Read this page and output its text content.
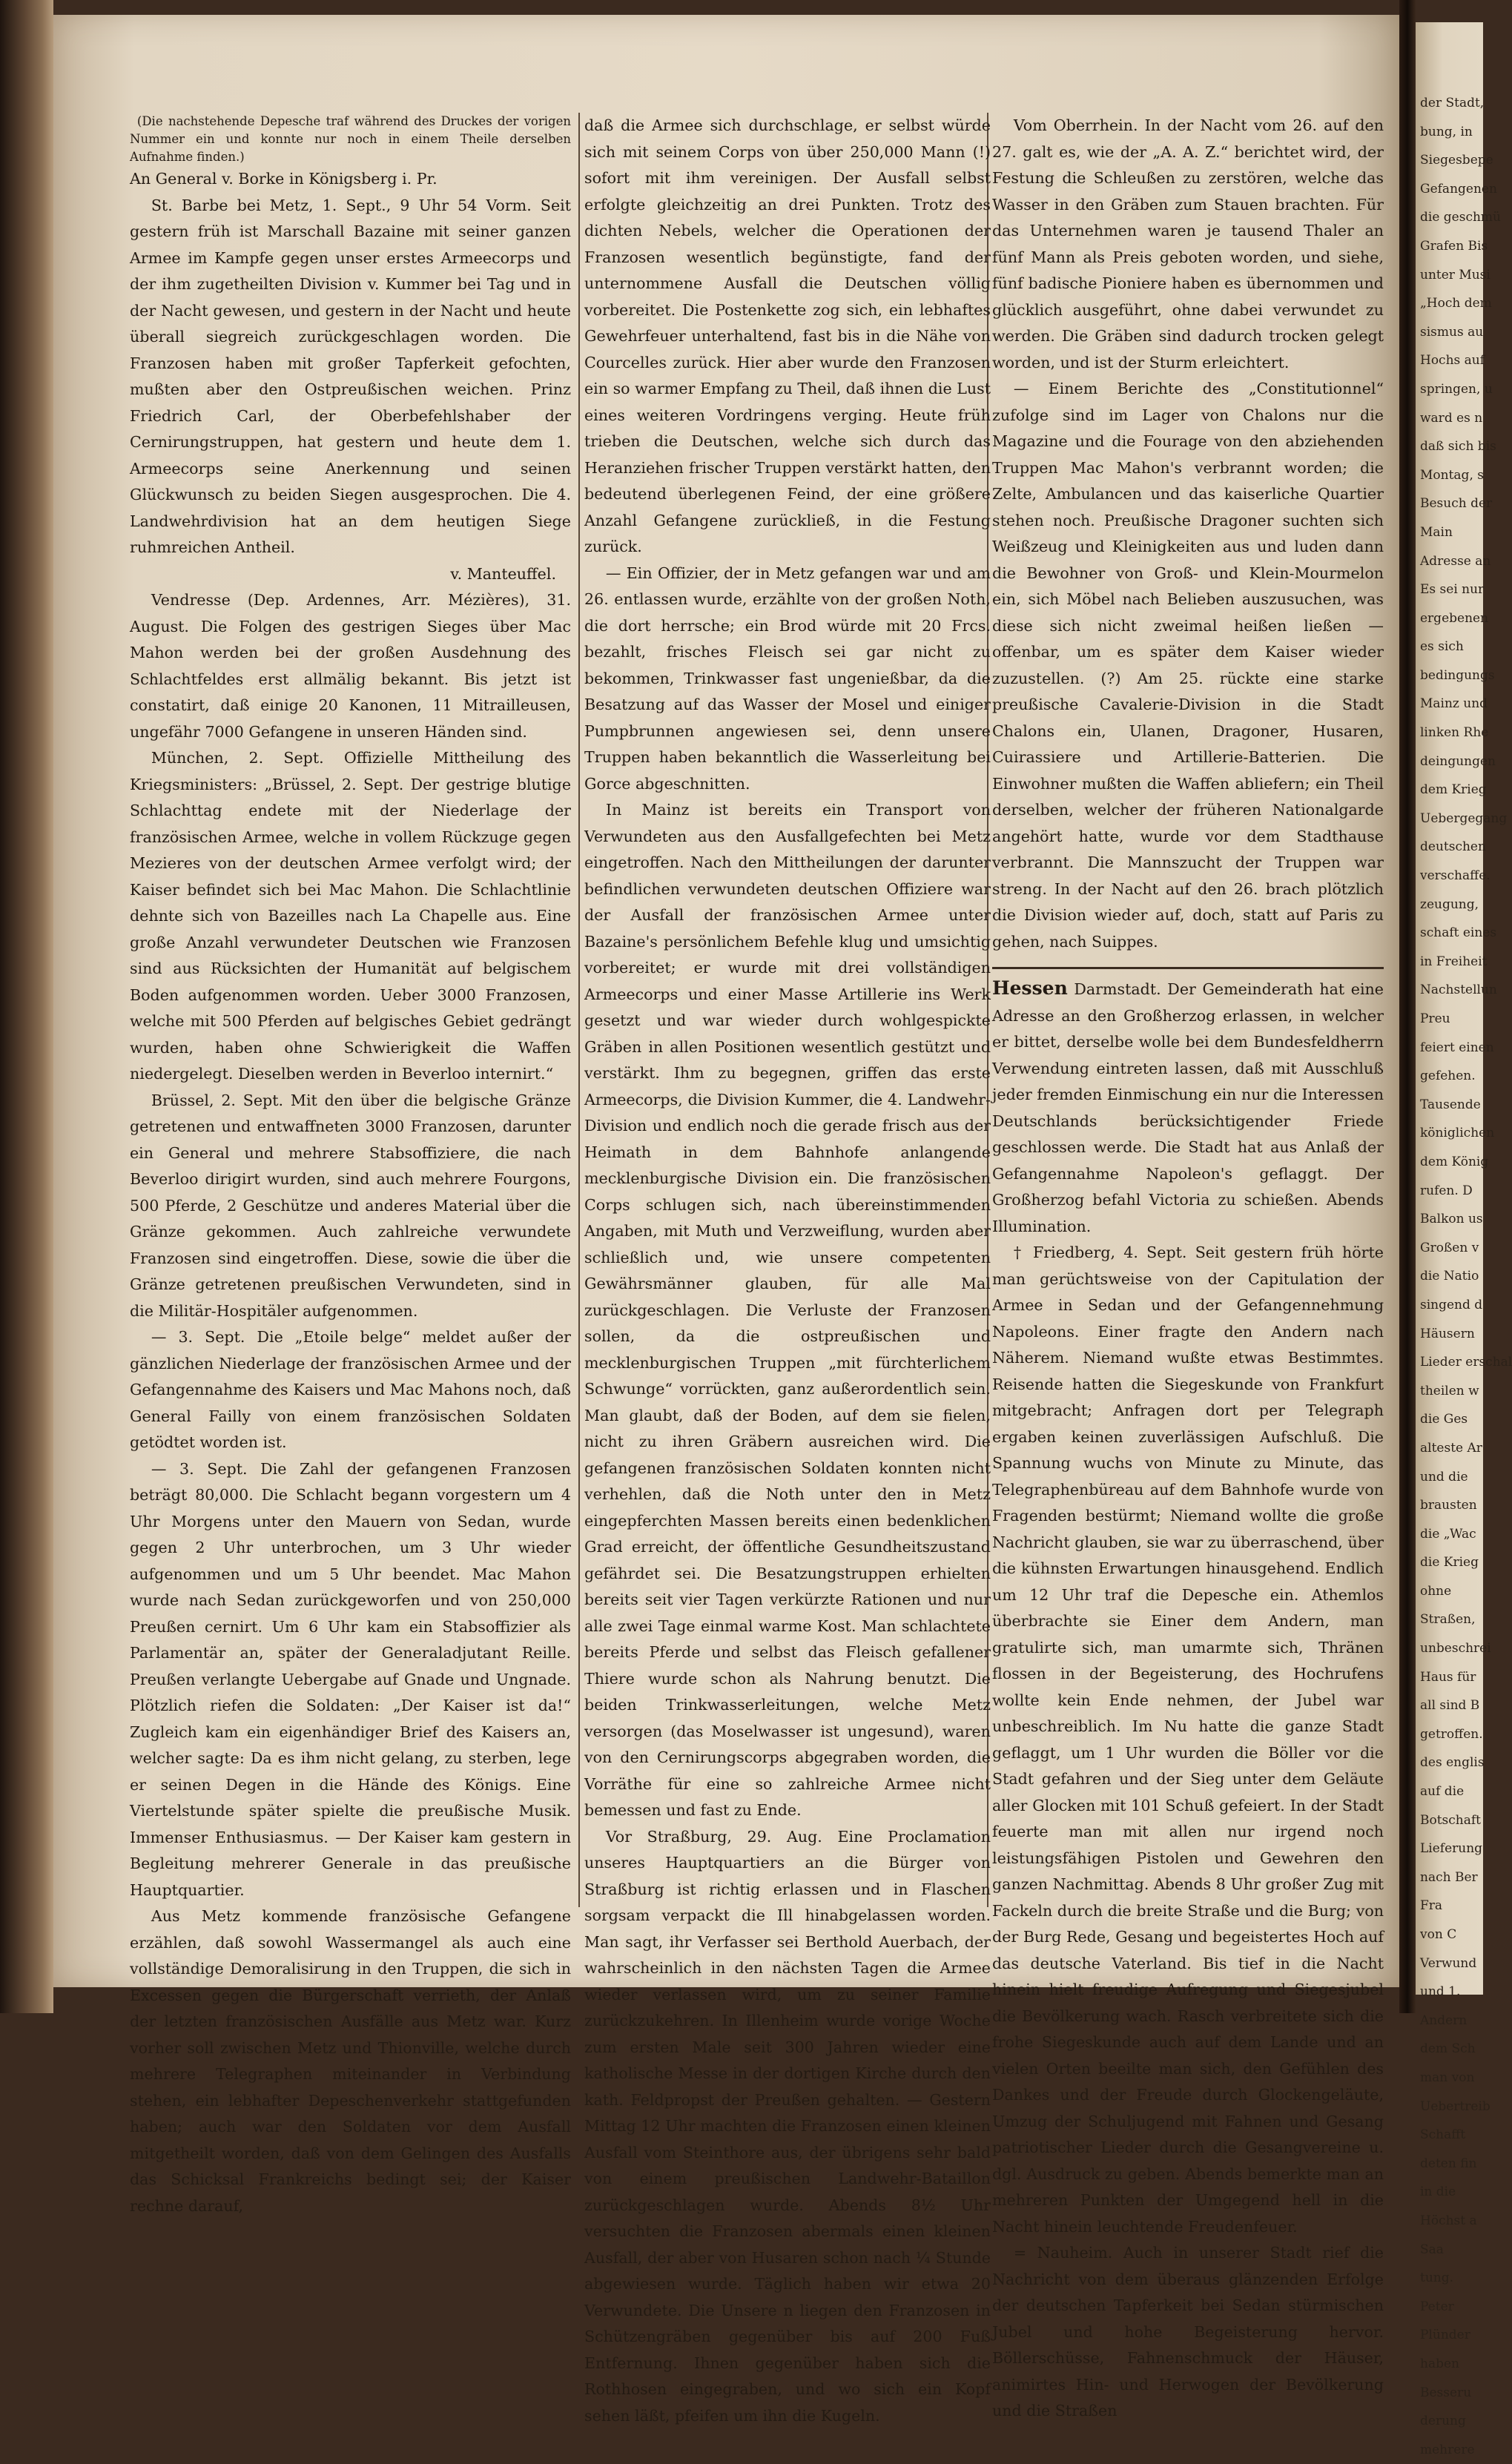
der Stadt,
bung, in
Siegesbepe
Gefangenen
die geschmü
Grafen Bis
unter Musi
„Hoch dem
sismus au
Hochs auf
springen, u
ward es n
daß sich bis
Montag, s
Besuch der
Main
Adresse an
Es sei nur
ergebenen
es sich
bedingungs
Mainz und
linken Rhe
deingungen
dem Krieg
Uebergegang
deutschen
verschaffe.
zeugung,
schaft eines
in Freiheit
Nachstellun
Preu
feiert einen
gefehen.
Tausende
königlichen
dem König
rufen. D
Balkon us
Großen v
die Natio
singend d
Häusern
Lieder erschal
theilen w
die Ges
alteste Ar
und die
brausten
die „Wac
die Krieg
ohne
Straßen,
unbeschrei
Haus für
all sind B
getroffen.
des englis
auf die
Botschaft
Lieferung
nach Ber
Fra
von C
Verwund
und 1.
Andern
dem Sch
man von
Uebertreib
Schafft
deten fin
in die
Höchst a
Saa
tung.
Peter
Plünder
haben
Besseru
derung
mehrere

(Die nachstehende Depesche traf während des Druckes der vorigen Nummer ein und konnte nur noch in einem Theile derselben Aufnahme finden.)

An General v. Borke in Königsberg i. Pr.

St. Barbe bei Metz, 1. Sept., 9 Uhr 54 Vorm. Seit gestern früh ist Marschall Bazaine mit seiner ganzen Armee im Kampfe gegen unser erstes Armeecorps und der ihm zugetheilten Division v. Kummer bei Tag und in der Nacht gewesen, und gestern in der Nacht und heute überall siegreich zurückgeschlagen worden. Die Franzosen haben mit großer Tapferkeit gefochten, mußten aber den Ostpreußischen weichen. Prinz Friedrich Carl, der Oberbefehlshaber der Cernirungstruppen, hat gestern und heute dem 1. Armeecorps seine Anerkennung und seinen Glückwunsch zu beiden Siegen ausgesprochen. Die 4. Landwehrdivision hat an dem heutigen Siege ruhmreichen Antheil.

v. Manteuffel.

Vendresse (Dep. Ardennes, Arr. Mézières), 31. August. Die Folgen des gestrigen Sieges über Mac Mahon werden bei der großen Ausdehnung des Schlachtfeldes erst allmälig bekannt. Bis jetzt ist constatirt, daß einige 20 Kanonen, 11 Mitrailleusen, ungefähr 7000 Gefangene in unseren Händen sind.

München, 2. Sept. Offizielle Mittheilung des Kriegsministers: „Brüssel, 2. Sept. Der gestrige blutige Schlachttag endete mit der Niederlage der französischen Armee, welche in vollem Rückzuge gegen Mezieres von der deutschen Armee verfolgt wird; der Kaiser befindet sich bei Mac Mahon. Die Schlachtlinie dehnte sich von Bazeilles nach La Chapelle aus. Eine große Anzahl verwundeter Deutschen wie Franzosen sind aus Rücksichten der Humanität auf belgischem Boden aufgenommen worden. Ueber 3000 Franzosen, welche mit 500 Pferden auf belgisches Gebiet gedrängt wurden, haben ohne Schwierigkeit die Waffen niedergelegt. Dieselben werden in Beverloo internirt.“

Brüssel, 2. Sept. Mit den über die belgische Gränze getretenen und entwaffneten 3000 Franzosen, darunter ein General und mehrere Stabsoffiziere, die nach Beverloo dirigirt wurden, sind auch mehrere Fourgons, 500 Pferde, 2 Geschütze und anderes Material über die Gränze gekommen. Auch zahlreiche verwundete Franzosen sind eingetroffen. Diese, sowie die über die Gränze getretenen preußischen Verwundeten, sind in die Militär-Hospitäler aufgenommen.

— 3. Sept. Die „Etoile belge“ meldet außer der gänzlichen Niederlage der französischen Armee und der Gefangennahme des Kaisers und Mac Mahons noch, daß General Failly von einem französischen Soldaten getödtet worden ist.

— 3. Sept. Die Zahl der gefangenen Franzosen beträgt 80,000. Die Schlacht begann vorgestern um 4 Uhr Morgens unter den Mauern von Sedan, wurde gegen 2 Uhr unterbrochen, um 3 Uhr wieder aufgenommen und um 5 Uhr beendet. Mac Mahon wurde nach Sedan zurückgeworfen und von 250,000 Preußen cernirt. Um 6 Uhr kam ein Stabsoffizier als Parlamentär an, später der Generaladjutant Reille. Preußen verlangte Uebergabe auf Gnade und Ungnade. Plötzlich riefen die Soldaten: „Der Kaiser ist da!“ Zugleich kam ein eigenhändiger Brief des Kaisers an, welcher sagte: Da es ihm nicht gelang, zu sterben, lege er seinen Degen in die Hände des Königs. Eine Viertelstunde später spielte die preußische Musik. Immenser Enthusiasmus. — Der Kaiser kam gestern in Begleitung mehrerer Generale in das preußische Hauptquartier.

Aus Metz kommende französische Gefangene erzählen, daß sowohl Wassermangel als auch eine vollständige Demoralisirung in den Truppen, die sich in Excessen gegen die Bürgerschaft verrieth, der Anlaß der letzten französischen Ausfälle aus Metz war. Kurz vorher soll zwischen Metz und Thionville, welche durch mehrere Telegraphen miteinander in Verbindung stehen, ein lebhafter Depeschenverkehr stattgefunden haben; auch war den Soldaten vor dem Ausfall mitgetheilt worden, daß von dem Gelingen des Ausfalls das Schicksal Frankreichs bedingt sei; der Kaiser rechne darauf,

daß die Armee sich durchschlage, er selbst würde sich mit seinem Corps von über 250,000 Mann (!) sofort mit ihm vereinigen. Der Ausfall selbst erfolgte gleichzeitig an drei Punkten. Trotz des dichten Nebels, welcher die Operationen der Franzosen wesentlich begünstigte, fand der unternommene Ausfall die Deutschen völlig vorbereitet. Die Postenkette zog sich, ein lebhaftes Gewehrfeuer unterhaltend, fast bis in die Nähe von Courcelles zurück. Hier aber wurde den Franzosen ein so warmer Empfang zu Theil, daß ihnen die Lust eines weiteren Vordringens verging. Heute früh trieben die Deutschen, welche sich durch das Heranziehen frischer Truppen verstärkt hatten, den bedeutend überlegenen Feind, der eine größere Anzahl Gefangene zurückließ, in die Festung zurück.

— Ein Offizier, der in Metz gefangen war und am 26. entlassen wurde, erzählte von der großen Noth, die dort herrsche; ein Brod würde mit 20 Frcs. bezahlt, frisches Fleisch sei gar nicht zu bekommen, Trinkwasser fast ungenießbar, da die Besatzung auf das Wasser der Mosel und einiger Pumpbrunnen angewiesen sei, denn unsere Truppen haben bekanntlich die Wasserleitung bei Gorce abgeschnitten.

In Mainz ist bereits ein Transport von Verwundeten aus den Ausfallgefechten bei Metz eingetroffen. Nach den Mittheilungen der darunter befindlichen verwundeten deutschen Offiziere war der Ausfall der französischen Armee unter Bazaine's persönlichem Befehle klug und umsichtig vorbereitet; er wurde mit drei vollständigen Armeecorps und einer Masse Artillerie ins Werk gesetzt und war wieder durch wohlgespickte Gräben in allen Positionen wesentlich gestützt und verstärkt. Ihm zu begegnen, griffen das erste Armeecorps, die Division Kummer, die 4. Landwehr-Division und endlich noch die gerade frisch aus der Heimath in dem Bahnhofe anlangende mecklenburgische Division ein. Die französischen Corps schlugen sich, nach übereinstimmenden Angaben, mit Muth und Verzweiflung, wurden aber schließlich und, wie unsere competenten Gewährsmänner glauben, für alle Mal zurückgeschlagen. Die Verluste der Franzosen sollen, da die ostpreußischen und mecklenburgischen Truppen „mit fürchterlichem Schwunge“ vorrückten, ganz außerordentlich sein. Man glaubt, daß der Boden, auf dem sie fielen, nicht zu ihren Gräbern ausreichen wird. Die gefangenen französischen Soldaten konnten nicht verhehlen, daß die Noth unter den in Metz eingepferchten Massen bereits einen bedenklichen Grad erreicht, der öffentliche Gesundheitszustand gefährdet sei. Die Besatzungstruppen erhielten bereits seit vier Tagen verkürzte Rationen und nur alle zwei Tage einmal warme Kost. Man schlachtete bereits Pferde und selbst das Fleisch gefallener Thiere wurde schon als Nahrung benutzt. Die beiden Trinkwasserleitungen, welche Metz versorgen (das Moselwasser ist ungesund), waren von den Cernirungscorps abgegraben worden, die Vorräthe für eine so zahlreiche Armee nicht bemessen und fast zu Ende.

Vor Straßburg, 29. Aug. Eine Proclamation unseres Hauptquartiers an die Bürger von Straßburg ist richtig erlassen und in Flaschen sorgsam verpackt die Ill hinabgelassen worden. Man sagt, ihr Verfasser sei Berthold Auerbach, der wahrscheinlich in den nächsten Tagen die Armee wieder verlassen wird, um zu seiner Familie zurückzukehren. In Illenheim wurde vorige Woche zum ersten Male seit 300 Jahren wieder eine katholische Messe in der dortigen Kirche durch den kath. Feldpropst der Preußen gehalten. — Gestern Mittag 12 Uhr machten die Franzosen einen kleinen Ausfall vom Steinthore aus, der übrigens sehr bald von einem preußischen Landwehr-Bataillon zurückgeschlagen wurde. Abends 8½ Uhr versuchten die Franzosen abermals einen kleinen Ausfall, der aber von Husaren schon nach ¼ Stunde abgewiesen wurde. Täglich haben wir etwa 20 Verwundete. Die Unsere n liegen den Franzosen in Schützengräben gegenüber bis auf 200 Fuß Entfernung. Ihnen gegenüber haben sich die Rothhosen eingegraben, und wo sich ein Kopf sehen läßt, pfeifen um ihn die Kugeln.

Vom Oberrhein. In der Nacht vom 26. auf den 27. galt es, wie der „A. A. Z.“ berichtet wird, der Festung die Schleußen zu zerstören, welche das Wasser in den Gräben zum Stauen brachten. Für das Unternehmen waren je tausend Thaler an fünf Mann als Preis geboten worden, und siehe, fünf badische Pioniere haben es übernommen und glücklich ausgeführt, ohne dabei verwundet zu werden. Die Gräben sind dadurch trocken gelegt worden, und ist der Sturm erleichtert.

— Einem Berichte des „Constitutionnel“ zufolge sind im Lager von Chalons nur die Magazine und die Fourage von den abziehenden Truppen Mac Mahon's verbrannt worden; die Zelte, Ambulancen und das kaiserliche Quartier stehen noch. Preußische Dragoner suchten sich Weißzeug und Kleinigkeiten aus und luden dann die Bewohner von Groß- und Klein-Mourmelon ein, sich Möbel nach Belieben auszusuchen, was diese sich nicht zweimal heißen ließen — offenbar, um es später dem Kaiser wieder zuzustellen. (?) Am 25. rückte eine starke preußische Cavalerie-Division in die Stadt Chalons ein, Ulanen, Dragoner, Husaren, Cuirassiere und Artillerie-Batterien. Die Einwohner mußten die Waffen abliefern; ein Theil derselben, welcher der früheren Nationalgarde angehört hatte, wurde vor dem Stadthause verbrannt. Die Mannszucht der Truppen war streng. In der Nacht auf den 26. brach plötzlich die Division wieder auf, doch, statt auf Paris zu gehen, nach Suippes.

Hessen Darmstadt. Der Gemeinderath hat eine Adresse an den Großherzog erlassen, in welcher er bittet, derselbe wolle bei dem Bundesfeldherrn Verwendung eintreten lassen, daß mit Ausschluß jeder fremden Einmischung ein nur die Interessen Deutschlands berücksichtigender Friede geschlossen werde. Die Stadt hat aus Anlaß der Gefangennahme Napoleon's geflaggt. Der Großherzog befahl Victoria zu schießen. Abends Illumination.

† Friedberg, 4. Sept. Seit gestern früh hörte man gerüchtsweise von der Capitulation der Armee in Sedan und der Gefangennehmung Napoleons. Einer fragte den Andern nach Näherem. Niemand wußte etwas Bestimmtes. Reisende hatten die Siegeskunde von Frankfurt mitgebracht; Anfragen dort per Telegraph ergaben keinen zuverlässigen Aufschluß. Die Spannung wuchs von Minute zu Minute, das Telegraphenbüreau auf dem Bahnhofe wurde von Fragenden bestürmt; Niemand wollte die große Nachricht glauben, sie war zu überraschend, über die kühnsten Erwartungen hinausgehend. Endlich um 12 Uhr traf die Depesche ein. Athemlos überbrachte sie Einer dem Andern, man gratulirte sich, man umarmte sich, Thränen flossen in der Begeisterung, des Hochrufens wollte kein Ende nehmen, der Jubel war unbeschreiblich. Im Nu hatte die ganze Stadt geflaggt, um 1 Uhr wurden die Böller vor die Stadt gefahren und der Sieg unter dem Geläute aller Glocken mit 101 Schuß gefeiert. In der Stadt feuerte man mit allen nur irgend noch leistungsfähigen Pistolen und Gewehren den ganzen Nachmittag. Abends 8 Uhr großer Zug mit Fackeln durch die breite Straße und die Burg; von der Burg Rede, Gesang und begeistertes Hoch auf das deutsche Vaterland. Bis tief in die Nacht hinein hielt freudige Aufregung und Siegesjubel die Bevölkerung wach. Rasch verbreitete sich die frohe Siegeskunde auch auf dem Lande und an vielen Orten beeilte man sich, den Gefühlen des Dankes und der Freude durch Glockengeläute, Umzug der Schuljugend mit Fahnen und Gesang patriotischer Lieder durch die Gesangvereine u. dgl. Ausdruck zu geben. Abends bemerkte man an mehreren Punkten der Umgegend hell in die Nacht hinein leuchtende Freudenfeuer.

= Nauheim. Auch in unserer Stadt rief die Nachricht von dem überaus glänzenden Erfolge der deutschen Tapferkeit bei Sedan stürmischen Jubel und hohe Begeisterung hervor. Böllerschüsse, Fahnenschmuck der Häuser, animirtes Hin- und Herwogen der Bevölkerung und die Straßen
